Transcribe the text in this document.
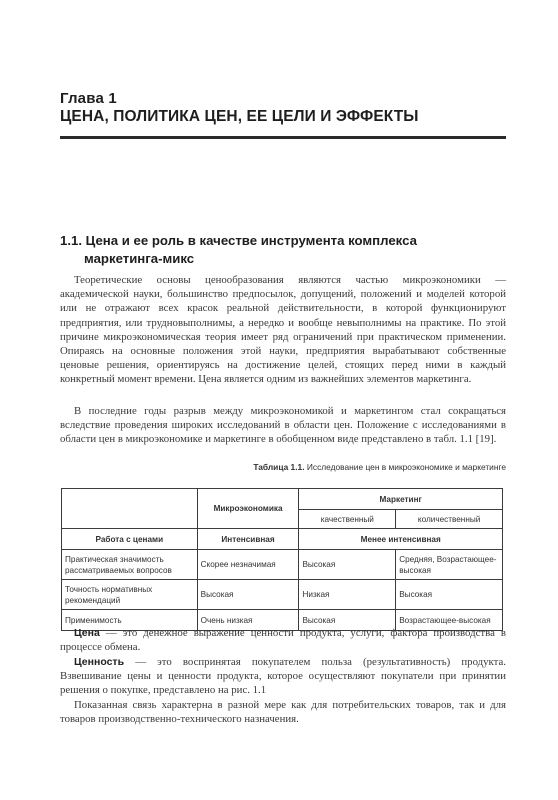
Глава 1
ЦЕНА, ПОЛИТИКА ЦЕН, ЕЕ ЦЕЛИ И ЭФФЕКТЫ
1.1. Цена и ее роль в качестве инструмента комплекса
маркетинга-микс

Теоретические основы ценообразования являются частью микроэкономики — академической науки, большинство предпосылок, допущений, положений и моделей которой или не отражают всех красок реальной действительности, в которой функционируют предприятия, или трудновыполнимы, а нередко и вообще невыполнимы на практике. По этой причине микроэкономическая теория имеет ряд ограничений при практическом применении. Опираясь на основные положения этой науки, предприятия вырабатывают собственные ценовые решения, ориентируясь на достижение целей, стоящих перед ними в каждый конкретный момент времени. Цена является одним из важнейших элементов маркетинга.

В последние годы разрыв между микроэкономикой и маркетингом стал сокращаться вследствие проведения широких исследований в области цен. Положение с исследованиями в области цен в микроэкономике и маркетинге в обобщенном виде представлено в табл. 1.1 [19].

Таблица 1.1. Исследование цен в микроэкономике и маркетинге
	Микроэкономика	Маркетинг	
		качественный	количественный
Работа с ценами	Интенсивная	Менее интенсивная	
Практическая значимость рассматриваемых вопросов	Скорее незначимая	Высокая	Средняя, Возрастающее-высокая
Точность нормативных рекомендаций	Высокая	Низкая	Высокая
Применимость	Очень низкая	Высокая	Возрастающее-высокая

Цена — это денежное выражение ценности продукта, услуги, фактора производства в процессе обмена.

Ценность — это воспринятая покупателем польза (результативность) продукта. Взвешивание цены и ценности продукта, которое осуществляют покупатели при принятии решения о покупке, представлено на рис. 1.1

Показанная связь характерна в разной мере как для потребительских товаров, так и для товаров производственно-технического назначения.
